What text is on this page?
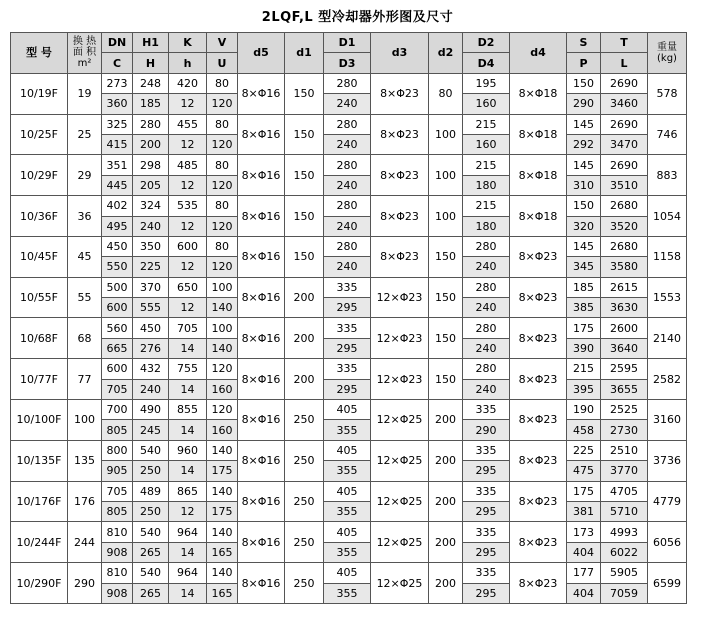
2LQF,L 型冷却器外形图及尺寸
型 号	换 热 面 积 m²	DN	H1	K	V	d5	d1	D1	d3	d2	D2	d4	S	T	重量 (kg)

		C	H	h	U			D3			D4		P	L	
10/19F	19	273	248	420	80	8×Φ16	150	280	8×Φ23	80	195	8×Φ18	150	2690	578
		360	185	12	120			240			160		290	3460	
10/25F	25	325	280	455	80	8×Φ16	150	280	8×Φ23	100	215	8×Φ18	145	2690	746
		415	200	12	120			240			160		292	3470	
10/29F	29	351	298	485	80	8×Φ16	150	280	8×Φ23	100	215	8×Φ18	145	2690	883
		445	205	12	120			240			180		310	3510	
10/36F	36	402	324	535	80	8×Φ16	150	280	8×Φ23	100	215	8×Φ18	150	2680	1054
		495	240	12	120			240			180		320	3520	
10/45F	45	450	350	600	80	8×Φ16	150	280	8×Φ23	150	280	8×Φ23	145	2680	1158
		550	225	12	120			240			240		345	3580	
10/55F	55	500	370	650	100	8×Φ16	200	335	12×Φ23	150	280	8×Φ23	185	2615	1553
		600	555	12	140			295			240		385	3630	
10/68F	68	560	450	705	100	8×Φ16	200	335	12×Φ23	150	280	8×Φ23	175	2600	2140
		665	276	14	140			295			240		390	3640	
10/77F	77	600	432	755	120	8×Φ16	200	335	12×Φ23	150	280	8×Φ23	215	2595	2582
		705	240	14	160			295			240		395	3655	
10/100F	100	700	490	855	120	8×Φ16	250	405	12×Φ25	200	335	8×Φ23	190	2525	3160
		805	245	14	160			355			290		458	2730	
10/135F	135	800	540	960	140	8×Φ16	250	405	12×Φ25	200	335	8×Φ23	225	2510	3736
		905	250	14	175			355			295		475	3770	
10/176F	176	705	489	865	140	8×Φ16	250	405	12×Φ25	200	335	8×Φ23	175	4705	4779
		805	250	12	175			355			295		381	5710	
10/244F	244	810	540	964	140	8×Φ16	250	405	12×Φ25	200	335	8×Φ23	173	4993	6056
		908	265	14	165			355			295		404	6022	
10/290F	290	810	540	964	140	8×Φ16	250	405	12×Φ25	200	335	8×Φ23	177	5905	6599
		908	265	14	165			355			295		404	7059	
